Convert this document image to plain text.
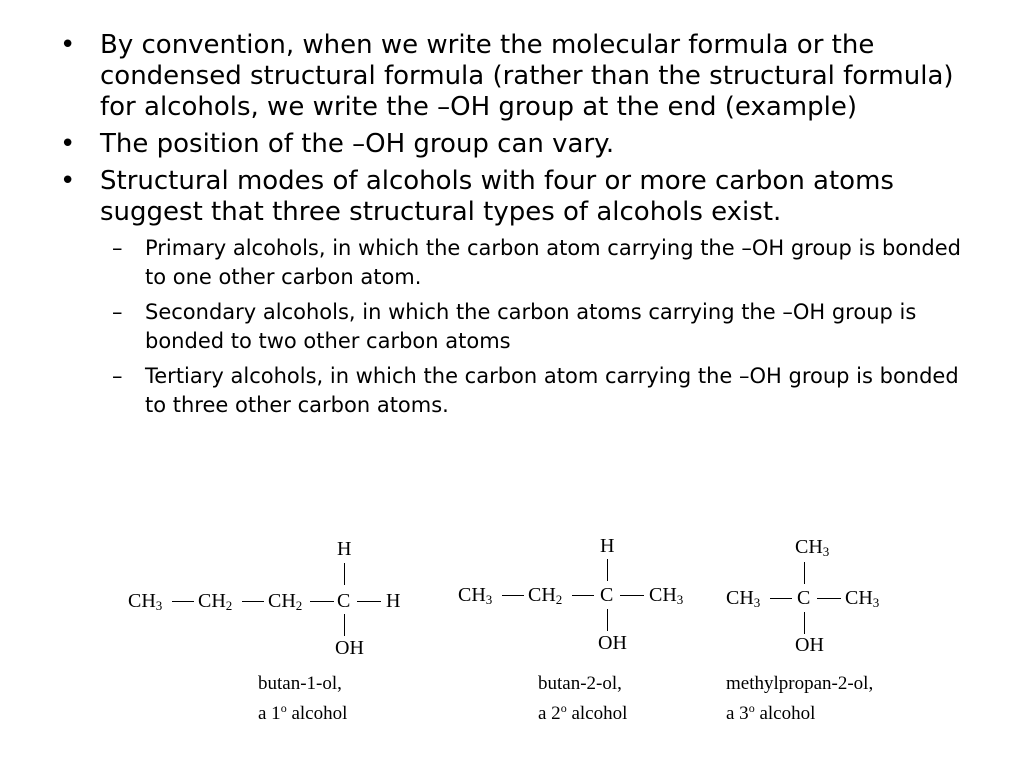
• By convention, when we write the molecular formula or the condensed structural formula (rather than the structural formula) for alcohols, we write the –OH group at the end (example)
• The position of the –OH group can vary.
• Structural modes of alcohols with four or more carbon atoms suggest that three structural types of alcohols exist.
–	Primary alcohols, in which the carbon atom carrying the –OH group is bonded to one other carbon atom.
–	Secondary alcohols, in which the carbon atoms carrying the –OH group is bonded to two other carbon atoms
–	Tertiary alcohols, in which the carbon atom carrying the –OH group is bonded to three other carbon atoms.
$CH_3$ $CH_2$ $CH_2$ C H
H
OH
butan-1-ol,
a 1$^o$ alcohol
$CH_3$ $CH_2$ C $CH_3$
H
OH
butan-2-ol,
a 2$^o$ alcohol
$CH_3$ C $CH_3$
$CH_3$
OH
methylpropan-2-ol,
a 3$^o$ alcohol
